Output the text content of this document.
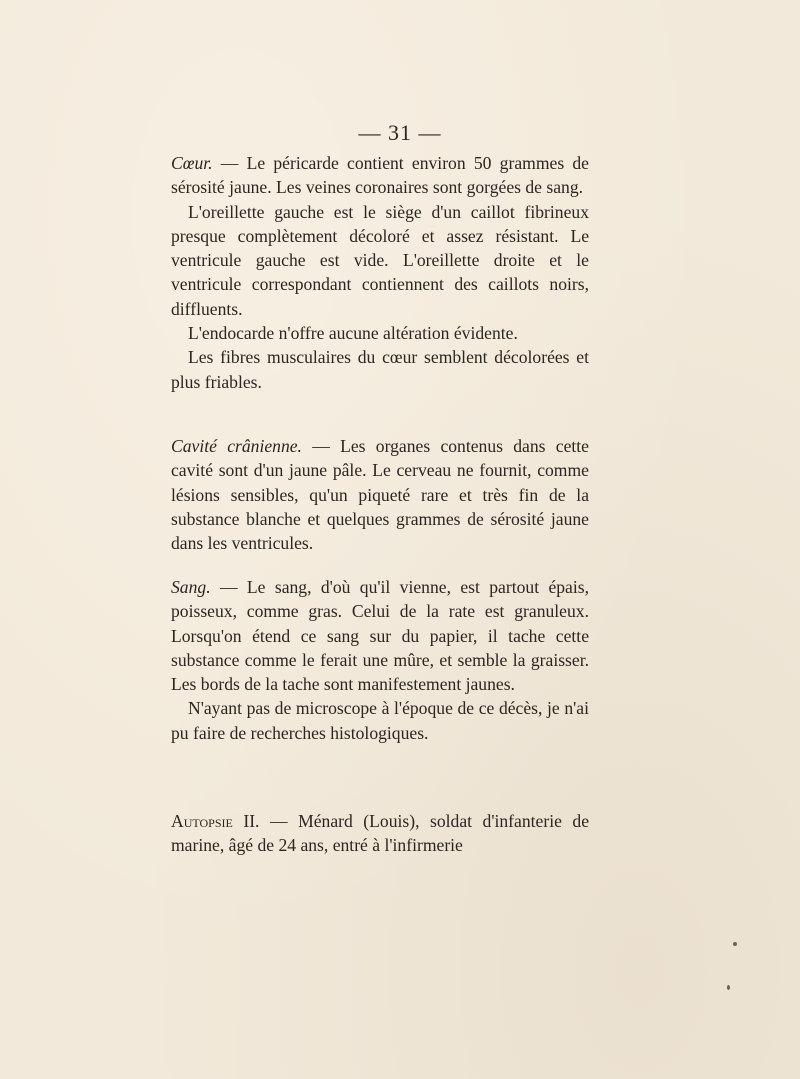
— 31 —

Cœur. — Le péricarde contient environ 50 grammes de sérosité jaune. Les veines coronaires sont gorgées de sang.

L'oreillette gauche est le siège d'un caillot fibrineux presque complètement décoloré et assez résistant. Le ventricule gauche est vide. L'oreillette droite et le ventricule correspondant contiennent des caillots noirs, diffluents.

L'endocarde n'offre aucune altération évidente.

Les fibres musculaires du cœur semblent décolorées et plus friables.

Cavité crânienne. — Les organes contenus dans cette cavité sont d'un jaune pâle. Le cerveau ne fournit, comme lésions sensibles, qu'un piqueté rare et très fin de la substance blanche et quelques grammes de sérosité jaune dans les ventricules.

Sang. — Le sang, d'où qu'il vienne, est partout épais, poisseux, comme gras. Celui de la rate est granuleux. Lorsqu'on étend ce sang sur du papier, il tache cette substance comme le ferait une mûre, et semble la graisser. Les bords de la tache sont manifestement jaunes.

N'ayant pas de microscope à l'époque de ce décès, je n'ai pu faire de recherches histologiques.

Autopsie II. — Ménard (Louis), soldat d'infanterie de marine, âgé de 24 ans, entré à l'infirmerie
